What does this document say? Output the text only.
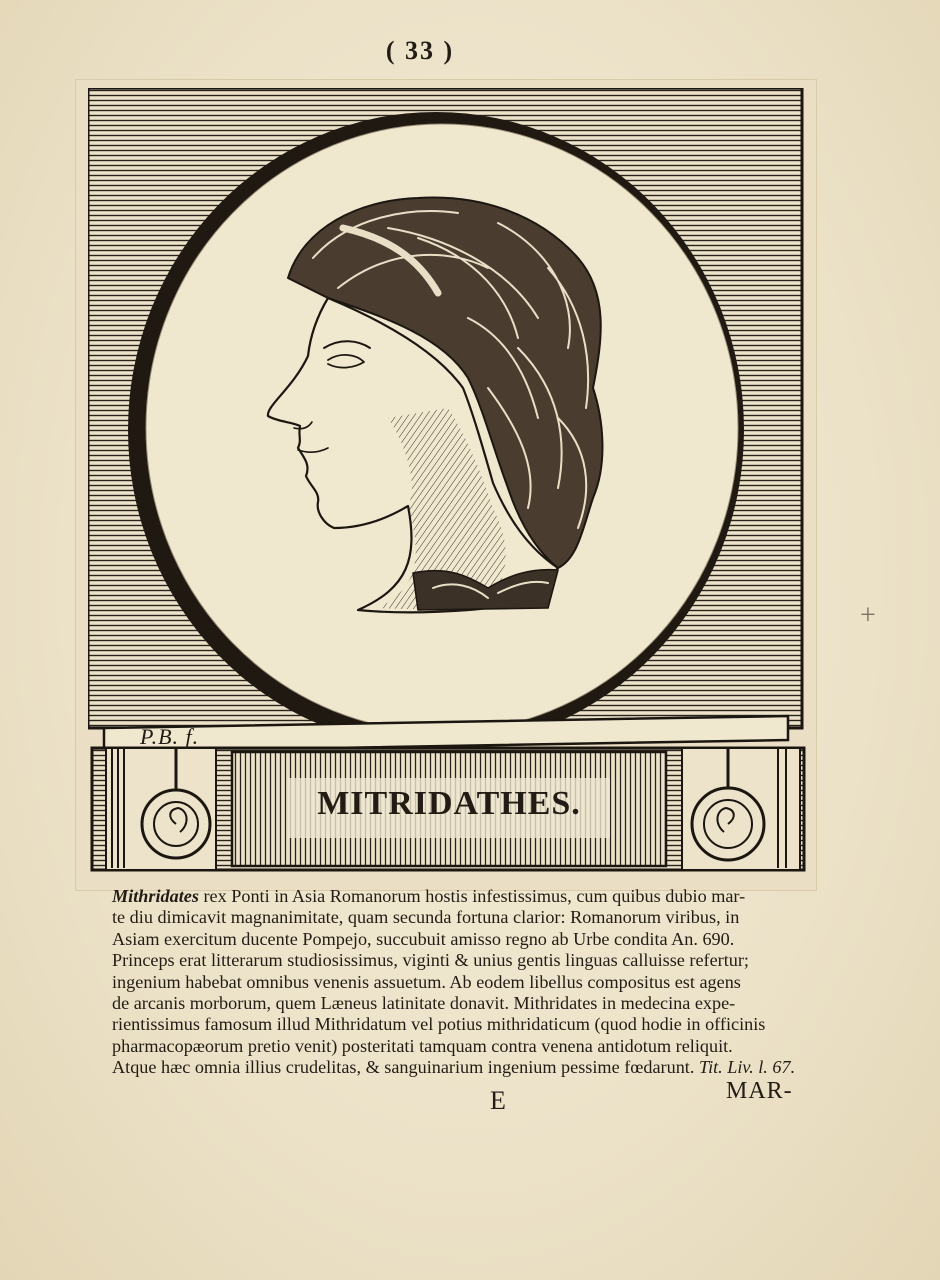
( 33 )
P.B. f.
MITRIDATHES.
Mithridates rex Ponti in Asia Romanorum hostis infestissimus, cum quibus dubio mar-
te diu dimicavit magnanimitate, quam secunda fortuna clarior: Romanorum viribus, in
Asiam exercitum ducente Pompejo, succubuit amisso regno ab Urbe condita An. 690.
Princeps erat litterarum studiosissimus, viginti & unius gentis linguas calluisse refertur;
ingenium habebat omnibus venenis assuetum. Ab eodem libellus compositus est agens
de arcanis morborum, quem Læneus latinitate donavit. Mithridates in medecina expe-
rientissimus famosum illud Mithridatum vel potius mithridaticum (quod hodie in officinis
pharmacopæorum pretio venit) posteritati tamquam contra venena antidotum reliquit.
Atque hæc omnia illius crudelitas, & sanguinarium ingenium pessime fœdarunt. Tit. Liv. l. 67.
E	MAR-
+
